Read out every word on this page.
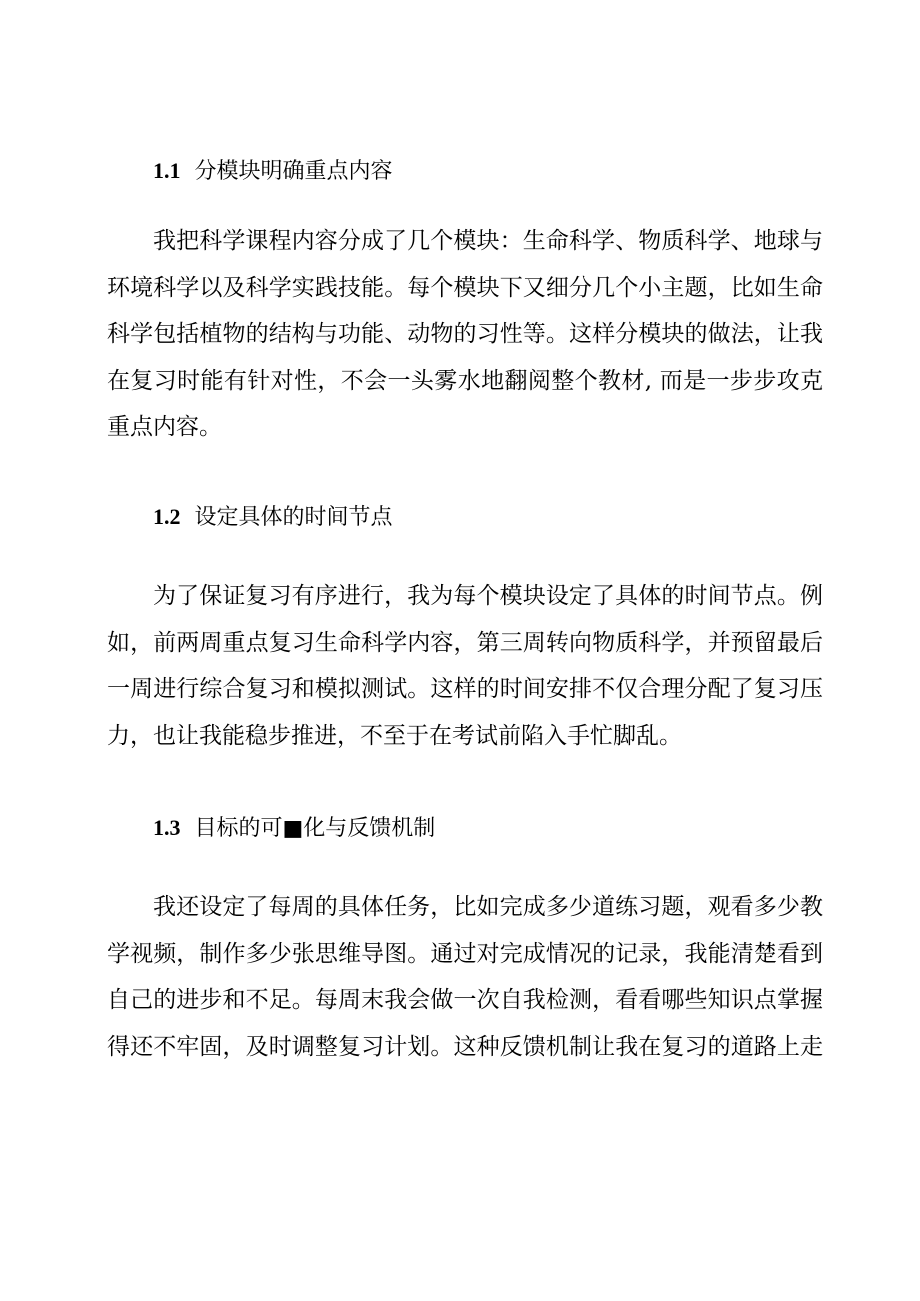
1.1 分模块明确重点内容
我把科学课程内容分成了几个模块：生命科学、物质科学、地球与
环境科学以及科学实践技能。每个模块下又细分几个小主题，比如生命
科学包括植物的结构与功能、动物的习性等。这样分模块的做法，让我
在复习时能有针对性，不会一头雾水地翻阅整个教材, 而是一步步攻克
重点内容。
1.2 设定具体的时间节点
为了保证复习有序进行，我为每个模块设定了具体的时间节点。例
如，前两周重点复习生命科学内容，第三周转向物质科学，并预留最后
一周进行综合复习和模拟测试。这样的时间安排不仅合理分配了复习压
力，也让我能稳步推进，不至于在考试前陷入手忙脚乱。
1.3 目标的可■化与反馈机制
我还设定了每周的具体任务，比如完成多少道练习题，观看多少教
学视频，制作多少张思维导图。通过对完成情况的记录，我能清楚看到
自己的进步和不足。每周末我会做一次自我检测，看看哪些知识点掌握
得还不牢固，及时调整复习计划。这种反馈机制让我在复习的道路上走
